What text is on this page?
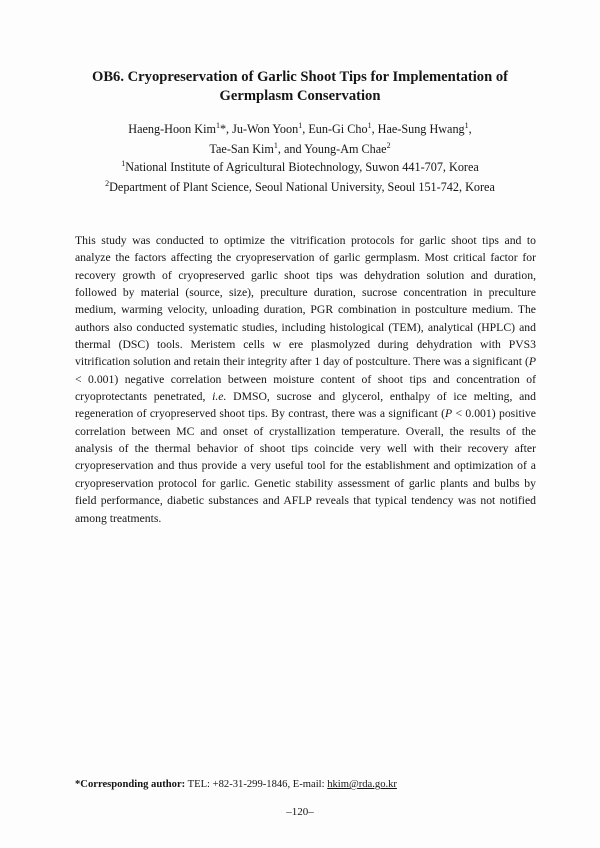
OB6. Cryopreservation of Garlic Shoot Tips for Implementation of
Germplasm Conservation
Haeng-Hoon Kim$^1$*, Ju-Won Yoon$^1$, Eun-Gi Cho$^1$, Hae-Sung Hwang$^1$,
Tae-San Kim$^1$, and Young-Am Chae$^2$
$^1$National Institute of Agricultural Biotechnology, Suwon 441-707, Korea
$^2$Department of Plant Science, Seoul National University, Seoul 151-742, Korea

This study was conducted to optimize the vitrification protocols for garlic shoot tips and to analyze the factors affecting the cryopreservation of garlic germplasm. Most critical factor for recovery growth of cryopreserved garlic shoot tips was dehydration solution and duration, followed by material (source, size), preculture duration, sucrose concentration in preculture medium, warming velocity, unloading duration, PGR combination in postculture medium. The authors also conducted systematic studies, including histological (TEM), analytical (HPLC) and thermal (DSC) tools. Meristem cells w ere plasmolyzed during dehydration with PVS3 vitrification solution and retain their integrity after 1 day of postculture. There was a significant (P < 0.001) negative correlation between moisture content of shoot tips and concentration of cryoprotectants penetrated, i.e. DMSO, sucrose and glycerol, enthalpy of ice melting, and regeneration of cryopreserved shoot tips. By contrast, there was a significant (P < 0.001) positive correlation between MC and onset of crystallization temperature. Overall, the results of the analysis of the thermal behavior of shoot tips coincide very well with their recovery after cryopreservation and thus provide a very useful tool for the establishment and optimization of a cryopreservation protocol for garlic. Genetic stability assessment of garlic plants and bulbs by field performance, diabetic substances and AFLP reveals that typical tendency was not notified among treatments.

*Corresponding author: TEL: +82-31-299-1846, E-mail: hkim@rda.go.kr
–120–
